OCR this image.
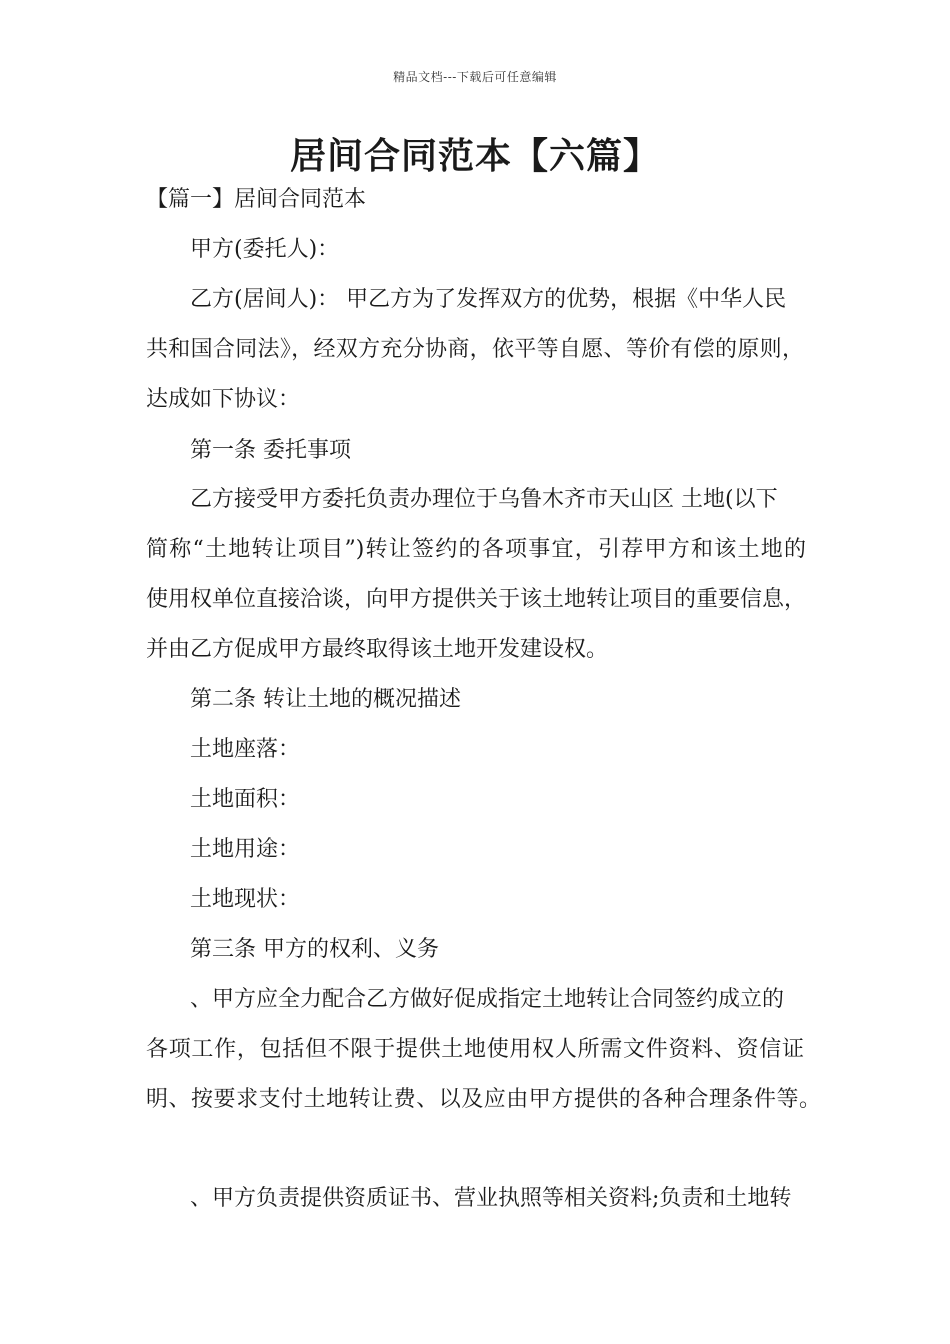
精品文档---下载后可任意编辑
居间合同范本【六篇】

【篇一】居间合同范本

甲方(委托人)：

乙方(居间人)： 甲乙方为了发挥双方的优势，根据《中华人民

共和国合同法》，经双方充分协商，依平等自愿、等价有偿的原则，

达成如下协议：

第一条 委托事项

乙方接受甲方委托负责办理位于乌鲁木齐市天山区 土地(以下

简称“土地转让项目”)转让签约的各项事宜，引荐甲方和该土地的

使用权单位直接洽谈，向甲方提供关于该土地转让项目的重要信息，

并由乙方促成甲方最终取得该土地开发建设权。

第二条 转让土地的概况描述

土地座落：

土地面积：

土地用途：

土地现状：

第三条 甲方的权利、义务

、甲方应全力配合乙方做好促成指定土地转让合同签约成立的

各项工作，包括但不限于提供土地使用权人所需文件资料、资信证

明、按要求支付土地转让费、以及应由甲方提供的各种合理条件等。

、甲方负责提供资质证书、营业执照等相关资料;负责和土地转
